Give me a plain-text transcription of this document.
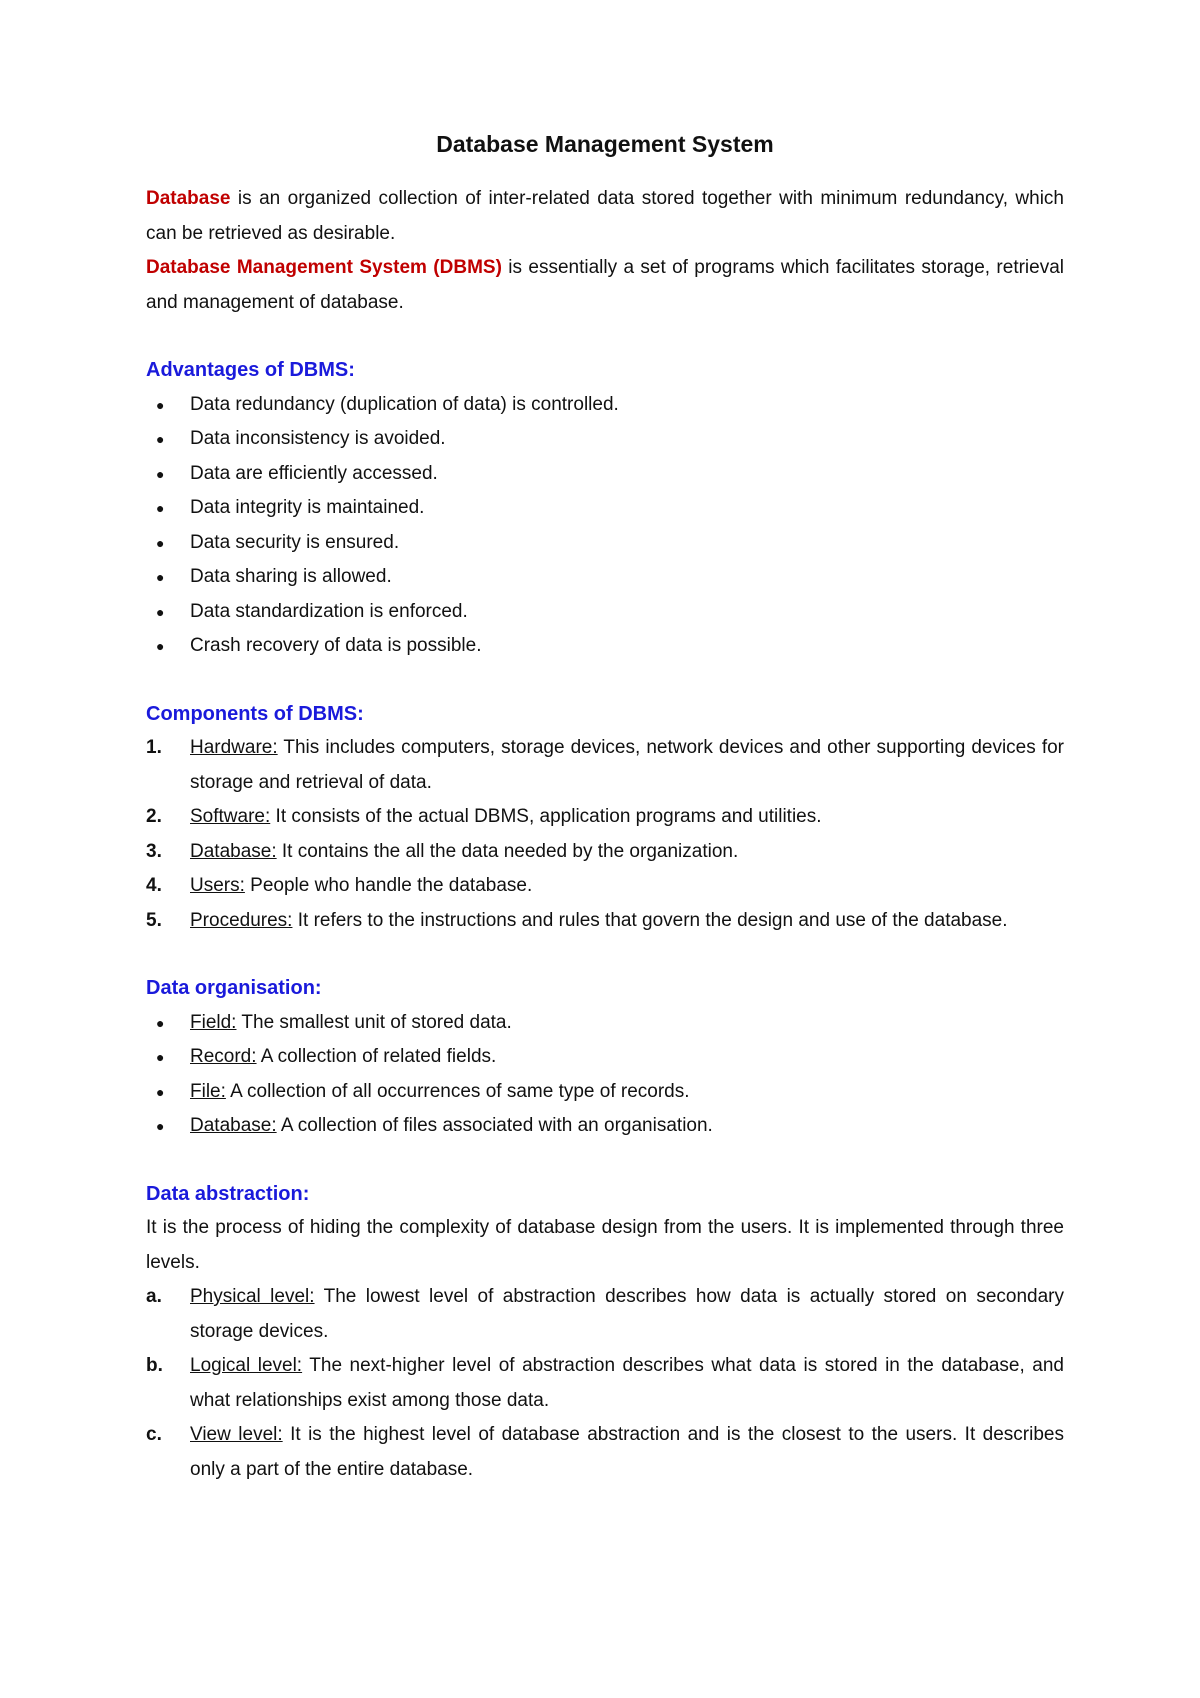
Database Management System

Database is an organized collection of inter-related data stored together with minimum redundancy, which can be retrieved as desirable.

Database Management System (DBMS) is essentially a set of programs which facilitates storage, retrieval and management of database.

Advantages of DBMS:
● Data redundancy (duplication of data) is controlled.
● Data inconsistency is avoided.
● Data are efficiently accessed.
● Data integrity is maintained.
● Data security is ensured.
● Data sharing is allowed.
● Data standardization is enforced.
● Crash recovery of data is possible.
Components of DBMS:
1.	Hardware: This includes computers, storage devices, network devices and other supporting devices for storage and retrieval of data.
2.	Software: It consists of the actual DBMS, application programs and utilities.
3.	Database: It contains the all the data needed by the organization.
4.	Users: People who handle the database.
5.	Procedures: It refers to the instructions and rules that govern the design and use of the database.
Data organisation:
● Field: The smallest unit of stored data.
● Record: A collection of related fields.
● File: A collection of all occurrences of same type of records.
● Database: A collection of files associated with an organisation.
Data abstraction:

It is the process of hiding the complexity of database design from the users. It is implemented through three levels.

a.	Physical level: The lowest level of abstraction describes how data is actually stored on secondary storage devices.
b.	Logical level: The next-higher level of abstraction describes what data is stored in the database, and what relationships exist among those data.
c.	View level: It is the highest level of database abstraction and is the closest to the users. It describes only a part of the entire database.
